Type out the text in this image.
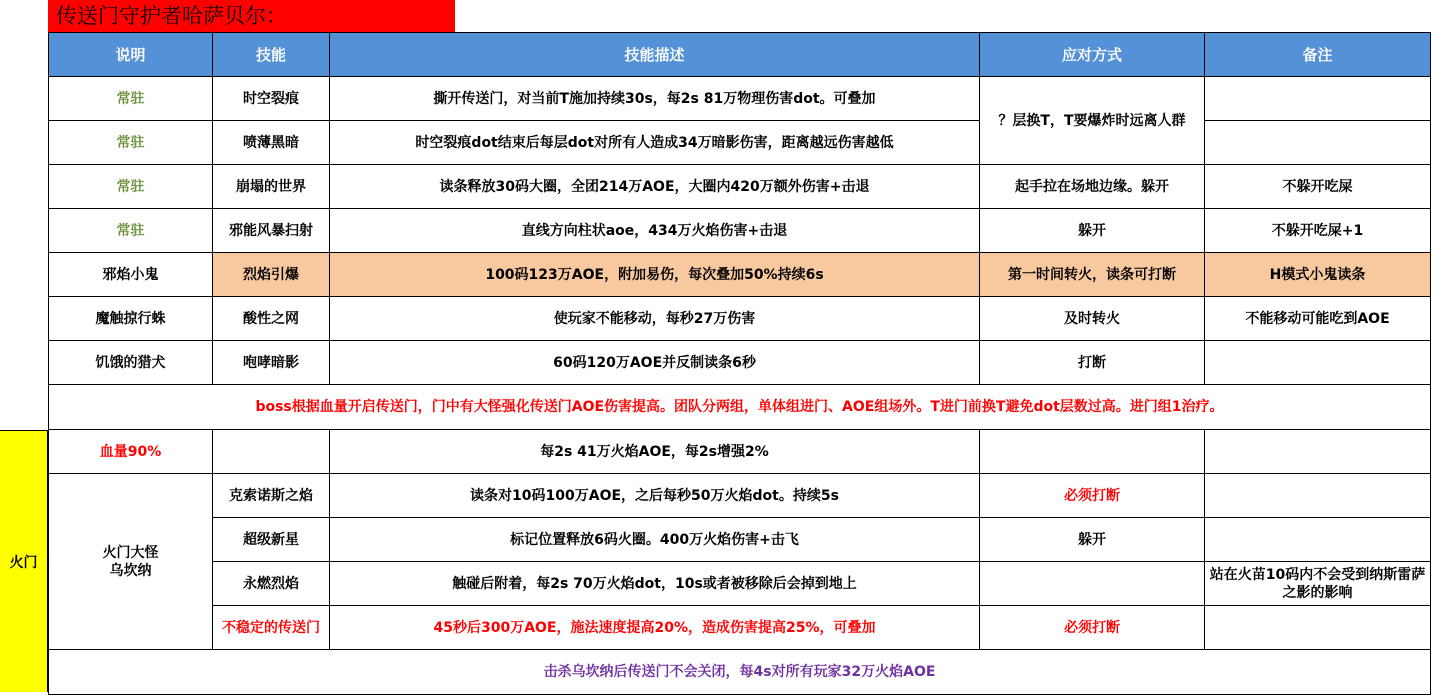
传送门守护者哈萨贝尔：
火门
说明	技能	技能描述	应对方式	备注
常驻	时空裂痕	撕开传送门，对当前T施加持续30s，每2s 81万物理伤害dot。可叠加	？层换T，T要爆炸时远离人群	
常驻	喷薄黑暗	时空裂痕dot结束后每层dot对所有人造成34万暗影伤害，距离越远伤害越低		
常驻	崩塌的世界	读条释放30码大圈，全团214万AOE，大圈内420万额外伤害+击退	起手拉在场地边缘。躲开	不躲开吃屎
常驻	邪能风暴扫射	直线方向柱状aoe，434万火焰伤害+击退	躲开	不躲开吃屎+1
邪焰小鬼	烈焰引爆	100码123万AOE，附加易伤，每次叠加50%持续6s	第一时间转火，读条可打断	H模式小鬼读条
魔触掠行蛛	酸性之网	使玩家不能移动，每秒27万伤害	及时转火	不能移动可能吃到AOE
饥饿的猎犬	咆哮暗影	60码120万AOE并反制读条6秒	打断	
boss根据血量开启传送门，门中有大怪强化传送门AOE伤害提高。团队分两组，单体组进门、AOE组场外。T进门前换T避免dot层数过高。进门组1治疗。				
血量90%		每2s 41万火焰AOE，每2s增强2%		

火门大怪
乌坎纳	克索诺斯之焰	读条对10码100万AOE，之后每秒50万火焰dot。持续5s	必须打断	
	超级新星	标记位置释放6码火圈。400万火焰伤害+击飞	躲开	
	永燃烈焰	触碰后附着，每2s 70万火焰dot，10s或者被移除后会掉到地上		站在火苗10码内不会受到纳斯雷萨之影的影响
	不稳定的传送门	45秒后300万AOE，施法速度提高20%，造成伤害提高25%，可叠加	必须打断	
击杀乌坎纳后传送门不会关闭，每4s对所有玩家32万火焰AOE				
